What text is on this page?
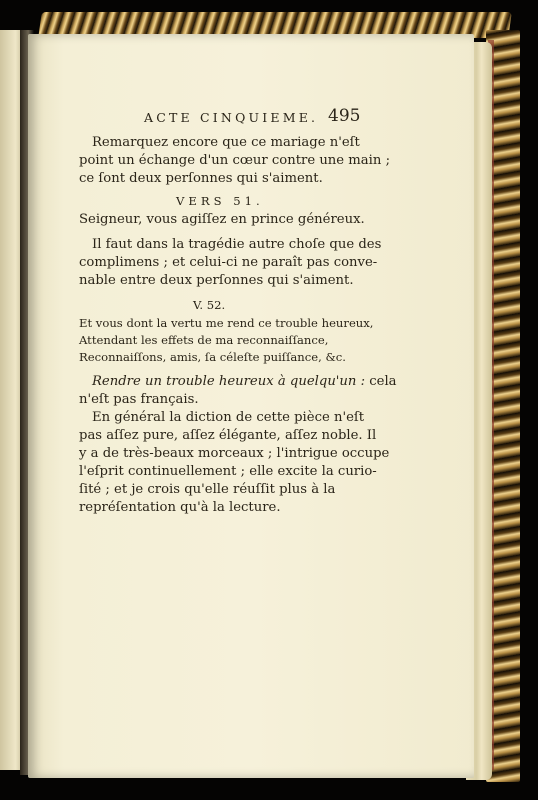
ACTE CINQUIEME. 495
Remarquez encore que ce mariage n'eſt
point un échange d'un cœur contre une main ;
ce ſont deux perſonnes qui s'aiment.
VERS 51.
Seigneur, vous agiſſez en prince généreux.
Il faut dans la tragédie autre choſe que des
complimens ; et celui-ci ne paraît pas conve-
nable entre deux perſonnes qui s'aiment.
V. 52.
Et vous dont la vertu me rend ce trouble heureux,
Attendant les effets de ma reconnaiſſance,
Reconnaiſſons, amis, ſa céleſte puiſſance, &c.
Rendre un trouble heureux à quelqu'un : cela
n'eſt pas français.
En général la diction de cette pièce n'eſt
pas aſſez pure, aſſez élégante, aſſez noble. Il
y a de très-beaux morceaux ; l'intrigue occupe
l'eſprit continuellement ; elle excite la curio-
ſité ; et je crois qu'elle réuſſit plus à la
repréſentation qu'à la lecture.
